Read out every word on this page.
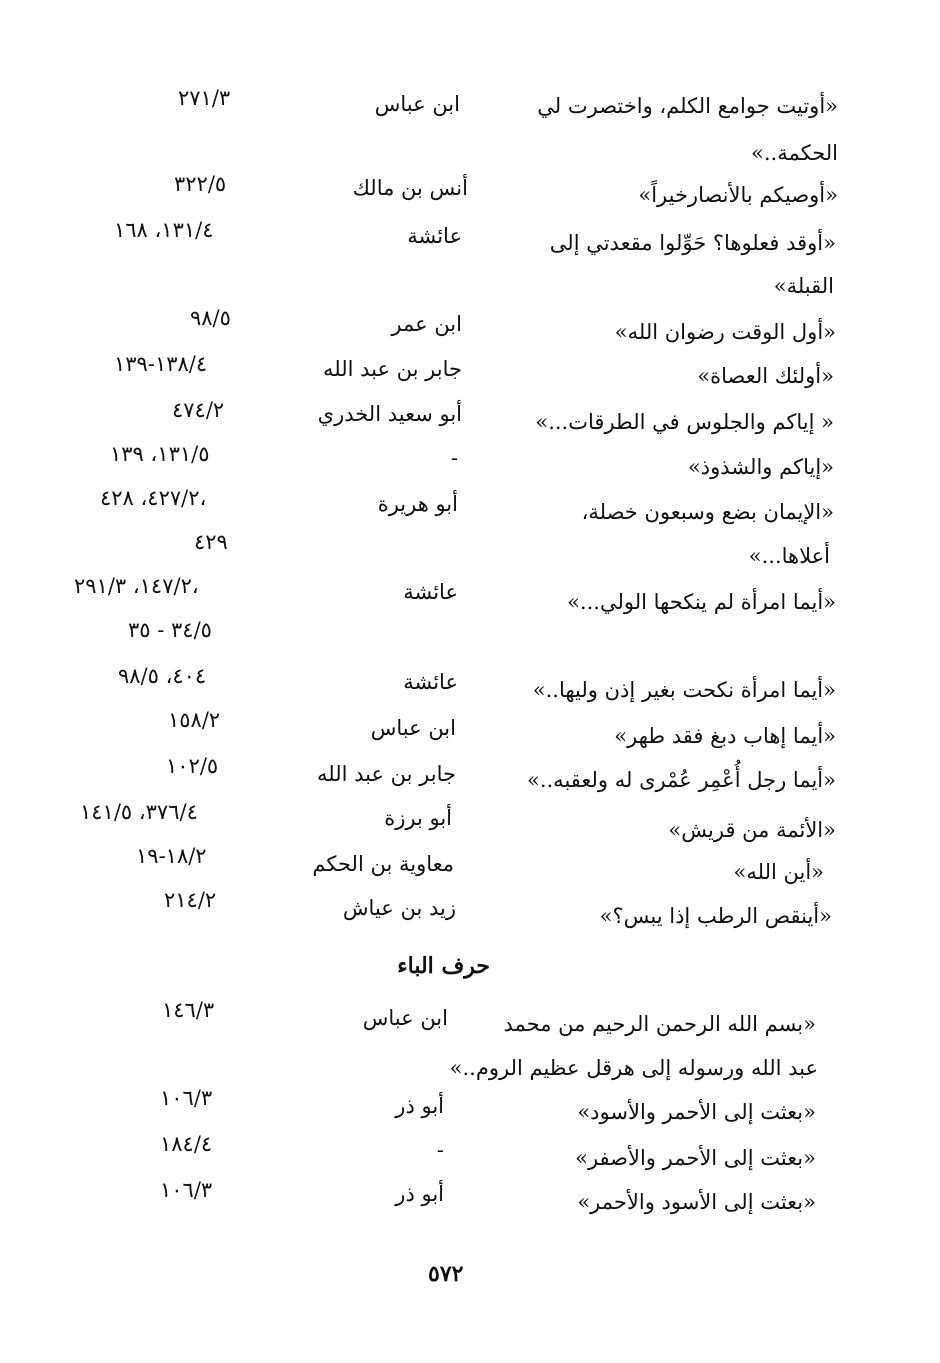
«أوتيت جوامع الكلم، واختصرت لي
ابن عباس
٢٧١/٣
الحكمة..»
«أوصيكم بالأنصارخيراً»
أنس بن مالك
٣٢٢/٥
«أوقد فعلوها؟ حَوِّلوا مقعدتي إلى
عائشة
١٣١/٤، ١٦٨
القبلة»
«أول الوقت رضوان الله»
ابن عمر
٩٨/٥
«أولئك العصاة»
جابر بن عبد الله
١٣٨/٤-١٣٩
« إياكم والجلوس في الطرقات...»
أبو سعيد الخدري
٤٧٤/٢
«إياكم والشذوذ»
-
١٣١/٥، ١٣٩
«الإيمان بضع وسبعون خصلة،
أبو هريرة
٤٢٧/٢، ٤٢٨،
أعلاها...»
٤٢٩
«أيما امرأة لم ينكحها الولي...»
عائشة
١٤٧/٢، ٢٩١/٣،
٣٤/٥ - ٣٥
«أيما امرأة نكحت بغير إذن وليها..»
عائشة
٤٠٤، ٩٨/٥
«أيما إهاب دبغ فقد طهر»
ابن عباس
١٥٨/٢
«أيما رجل أُعْمِر عُمْرى له ولعقبه..»
جابر بن عبد الله
١٠٢/٥
«الأئمة من قريش»
أبو برزة
٣٧٦/٤، ١٤١/٥
«أين الله»
معاوية بن الحكم
١٨/٢-١٩
«أينقص الرطب إذا يبس؟»
زيد بن عياش
٢١٤/٢
حرف الباء
«بسم الله الرحمن الرحيم من محمد
ابن عباس
١٤٦/٣
عبد الله ورسوله إلى هرقل عظيم الروم..»
«بعثت إلى الأحمر والأسود»
أبو ذر
١٠٦/٣
«بعثت إلى الأحمر والأصفر»
-
١٨٤/٤
«بعثت إلى الأسود والأحمر»
أبو ذر
١٠٦/٣
٥٧٢
